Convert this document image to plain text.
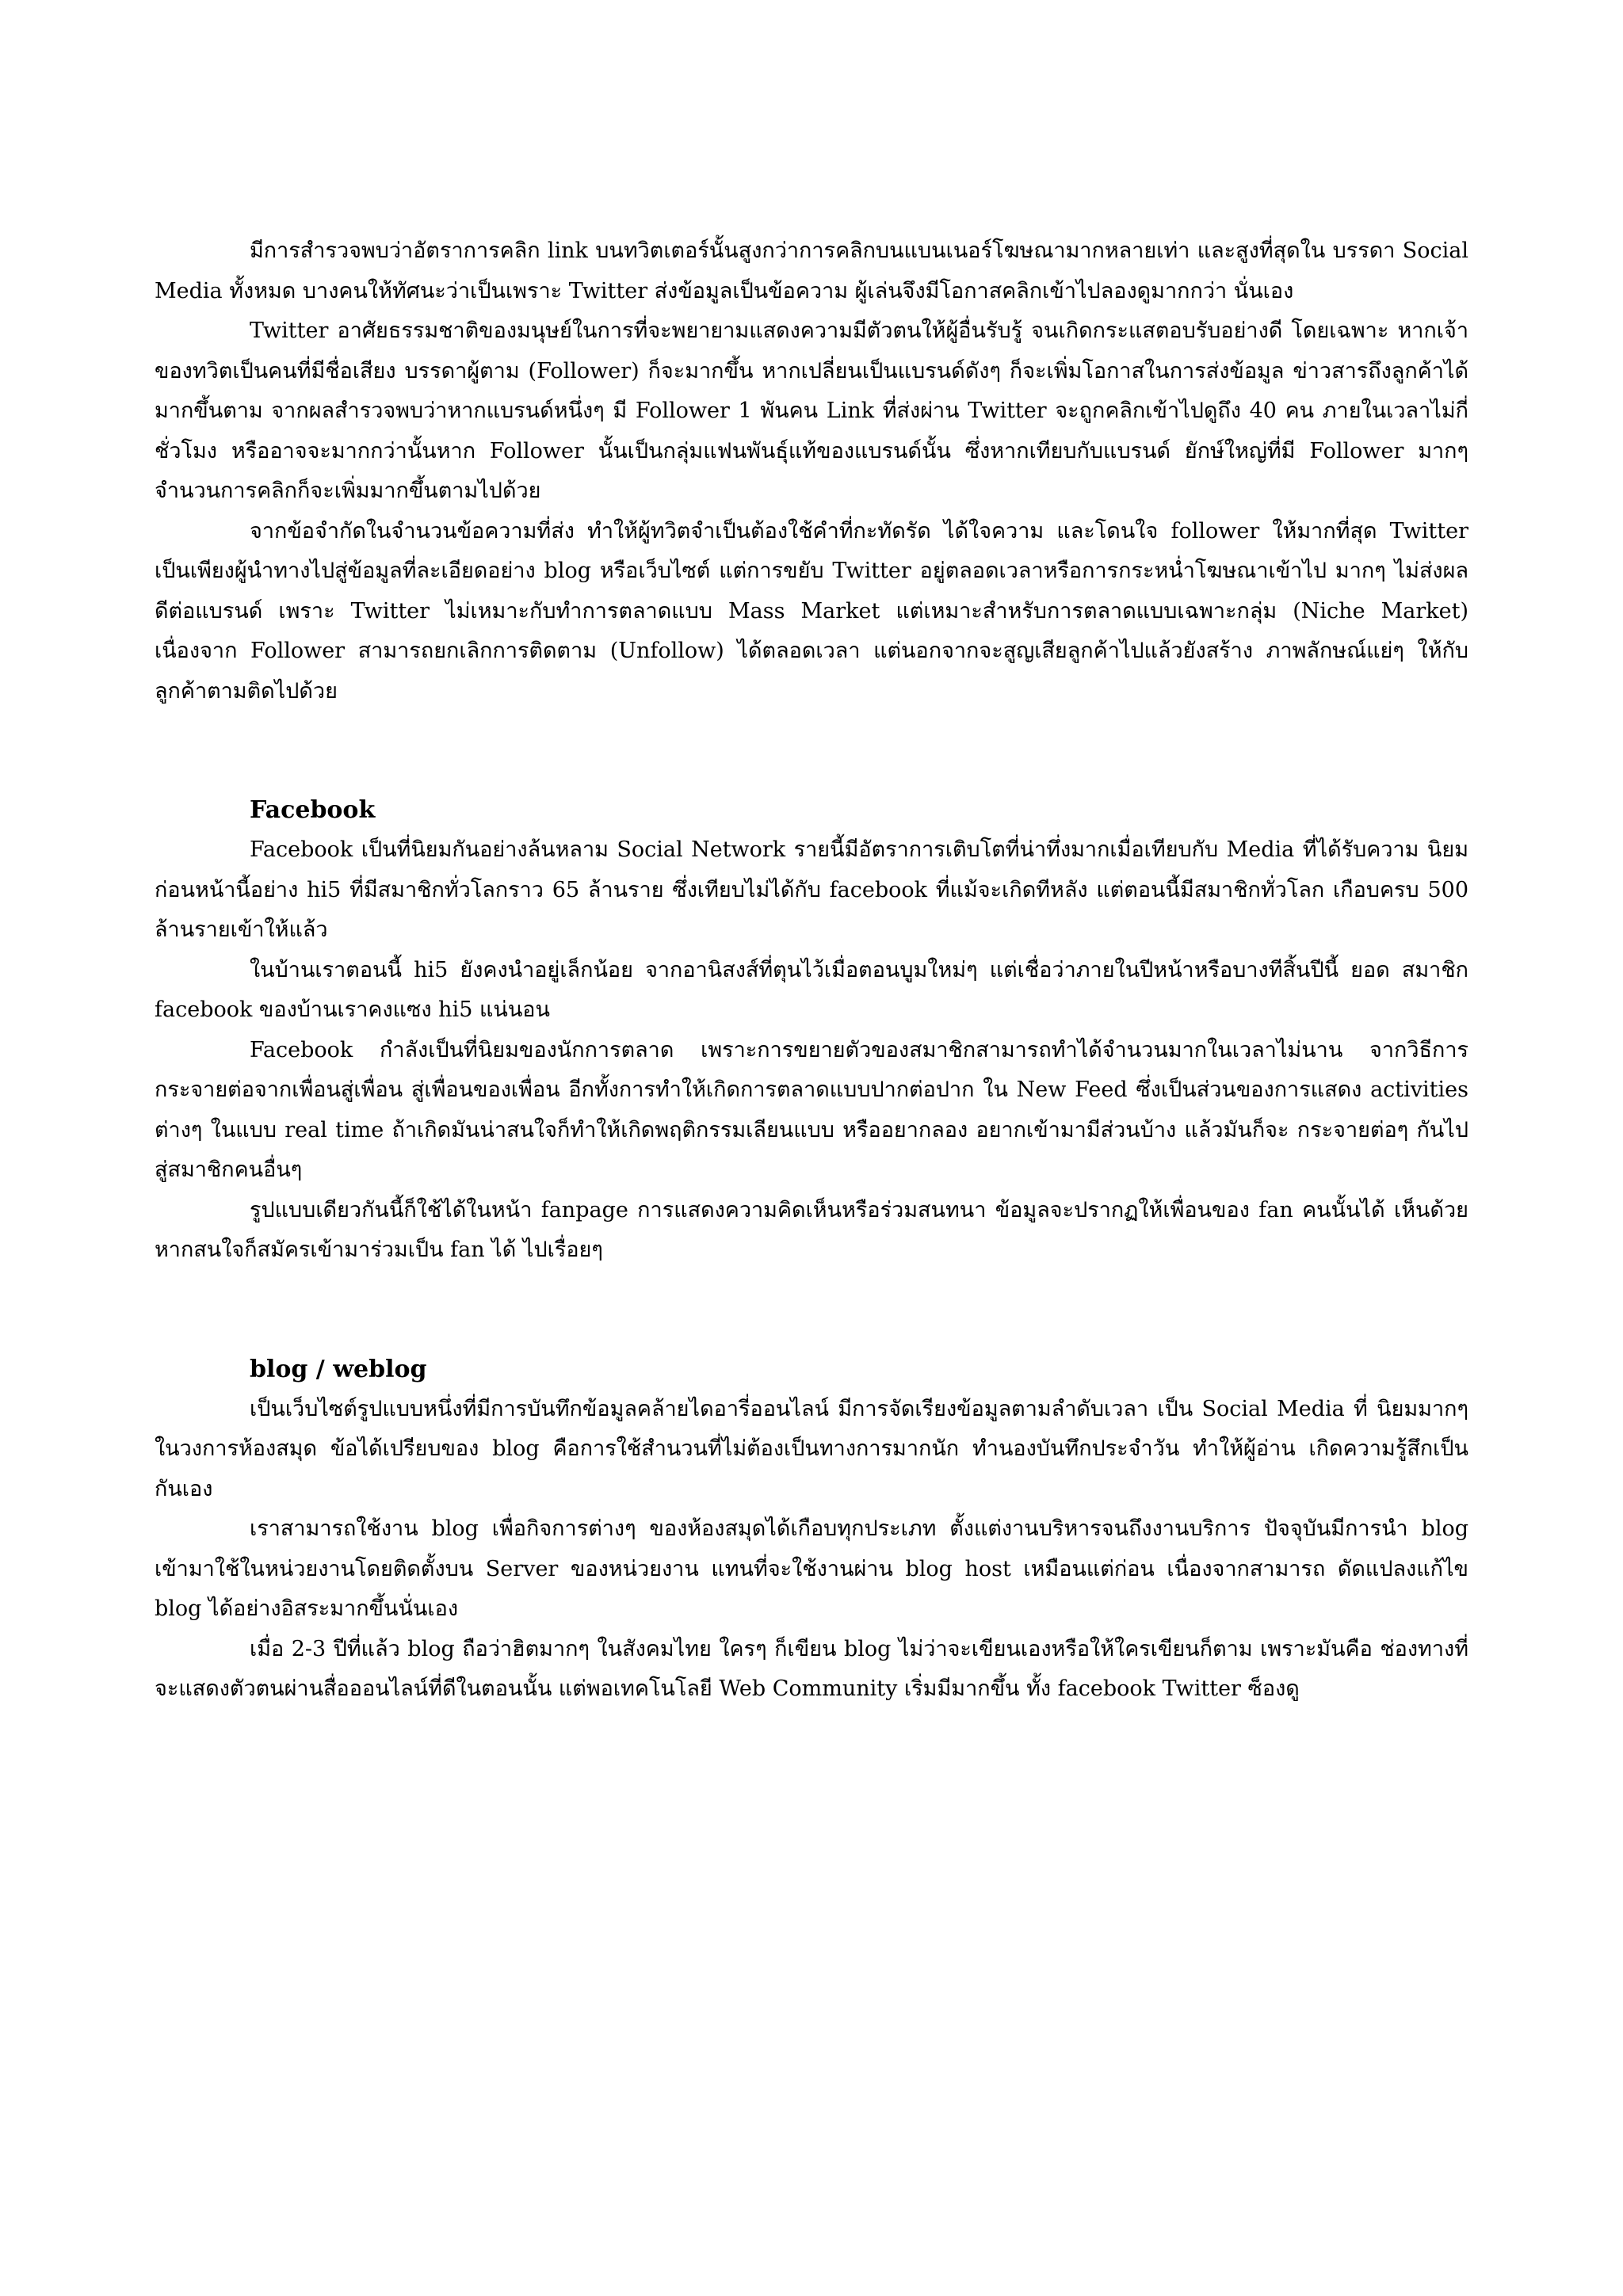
มีการสำรวจพบว่าอัตราการคลิก link บนทวิตเตอร์นั้นสูงกว่าการคลิกบนแบนเนอร์โฆษณามากหลายเท่า และสูงที่สุดใน บรรดา Social Media ทั้งหมด บางคนให้ทัศนะว่าเป็นเพราะ Twitter ส่งข้อมูลเป็นข้อความ ผู้เล่นจึงมีโอกาสคลิกเข้าไปลองดูมากกว่า นั่นเอง

Twitter อาศัยธรรมชาติของมนุษย์ในการที่จะพยายามแสดงความมีตัวตนให้ผู้อื่นรับรู้ จนเกิดกระแสตอบรับอย่างดี โดยเฉพาะ หากเจ้าของทวิตเป็นคนที่มีชื่อเสียง บรรดาผู้ตาม (Follower) ก็จะมากขึ้น หากเปลี่ยนเป็นแบรนด์ดังๆ ก็จะเพิ่มโอกาสในการส่งข้อมูล ข่าวสารถึงลูกค้าได้มากขึ้นตาม จากผลสำรวจพบว่าหากแบรนด์หนึ่งๆ มี Follower 1 พันคน Link ที่ส่งผ่าน Twitter จะถูกคลิกเข้าไปดูถึง 40 คน ภายในเวลาไม่กี่ชั่วโมง หรืออาจจะมากกว่านั้นหาก Follower นั้นเป็นกลุ่มแฟนพันธุ์แท้ของแบรนด์นั้น ซึ่งหากเทียบกับแบรนด์ ยักษ์ใหญ่ที่มี Follower มากๆ จำนวนการคลิกก็จะเพิ่มมากขึ้นตามไปด้วย

จากข้อจำกัดในจำนวนข้อความที่ส่ง ทำให้ผู้ทวิตจำเป็นต้องใช้คำที่กะทัดรัด ได้ใจความ และโดนใจ follower ให้มากที่สุด Twitter เป็นเพียงผู้นำทางไปสู่ข้อมูลที่ละเอียดอย่าง blog หรือเว็บไซต์ แต่การขยับ Twitter อยู่ตลอดเวลาหรือการกระหน่ำโฆษณาเข้าไป มากๆ ไม่ส่งผลดีต่อแบรนด์ เพราะ Twitter ไม่เหมาะกับทำการตลาดแบบ Mass Market แต่เหมาะสำหรับการตลาดแบบเฉพาะกลุ่ม (Niche Market) เนื่องจาก Follower สามารถยกเลิกการติดตาม (Unfollow) ได้ตลอดเวลา แต่นอกจากจะสูญเสียลูกค้าไปแล้วยังสร้าง ภาพลักษณ์แย่ๆ ให้กับลูกค้าตามติดไปด้วย

Facebook

Facebook เป็นที่นิยมกันอย่างล้นหลาม Social Network รายนี้มีอัตราการเติบโตที่น่าทึ่งมากเมื่อเทียบกับ Media ที่ได้รับความ นิยมก่อนหน้านี้อย่าง hi5 ที่มีสมาชิกทั่วโลกราว 65 ล้านราย ซึ่งเทียบไม่ได้กับ facebook ที่แม้จะเกิดทีหลัง แต่ตอนนี้มีสมาชิกทั่วโลก เกือบครบ 500 ล้านรายเข้าให้แล้ว

ในบ้านเราตอนนี้ hi5 ยังคงนำอยู่เล็กน้อย จากอานิสงส์ที่ตุนไว้เมื่อตอนบูมใหม่ๆ แต่เชื่อว่าภายในปีหน้าหรือบางทีสิ้นปีนี้ ยอด สมาชิก facebook ของบ้านเราคงแซง hi5 แน่นอน

Facebook กำลังเป็นที่นิยมของนักการตลาด เพราะการขยายตัวของสมาชิกสามารถทำได้จำนวนมากในเวลาไม่นาน จากวิธีการ กระจายต่อจากเพื่อนสู่เพื่อน สู่เพื่อนของเพื่อน อีกทั้งการทำให้เกิดการตลาดแบบปากต่อปาก ใน New Feed ซึ่งเป็นส่วนของการแสดง activities ต่างๆ ในแบบ real time ถ้าเกิดมันน่าสนใจก็ทำให้เกิดพฤติกรรมเลียนแบบ หรืออยากลอง อยากเข้ามามีส่วนบ้าง แล้วมันก็จะ กระจายต่อๆ กันไปสู่สมาชิกคนอื่นๆ

รูปแบบเดียวกันนี้ก็ใช้ได้ในหน้า fanpage การแสดงความคิดเห็นหรือร่วมสนทนา ข้อมูลจะปรากฏให้เพื่อนของ fan คนนั้นได้ เห็นด้วย หากสนใจก็สมัครเข้ามาร่วมเป็น fan ได้ ไปเรื่อยๆ

blog / weblog

เป็นเว็บไซต์รูปแบบหนึ่งที่มีการบันทึกข้อมูลคล้ายไดอารี่ออนไลน์ มีการจัดเรียงข้อมูลตามลำดับเวลา เป็น Social Media ที่ นิยมมากๆ ในวงการห้องสมุด ข้อได้เปรียบของ blog คือการใช้สำนวนที่ไม่ต้องเป็นทางการมากนัก ทำนองบันทึกประจำวัน ทำให้ผู้อ่าน เกิดความรู้สึกเป็นกันเอง

เราสามารถใช้งาน blog เพื่อกิจการต่างๆ ของห้องสมุดได้เกือบทุกประเภท ตั้งแต่งานบริหารจนถึงงานบริการ ปัจจุบันมีการนำ blog เข้ามาใช้ในหน่วยงานโดยติดตั้งบน Server ของหน่วยงาน แทนที่จะใช้งานผ่าน blog host เหมือนแต่ก่อน เนื่องจากสามารถ ดัดแปลงแก้ไข blog ได้อย่างอิสระมากขึ้นนั่นเอง

เมื่อ 2-3 ปีที่แล้ว blog ถือว่าฮิตมากๆ ในสังคมไทย ใครๆ ก็เขียน blog ไม่ว่าจะเขียนเองหรือให้ใครเขียนก็ตาม เพราะมันคือ ช่องทางที่จะแสดงตัวตนผ่านสื่อออนไลน์ที่ดีในตอนนั้น แต่พอเทคโนโลยี Web Community เริ่มมีมากขึ้น ทั้ง facebook Twitter ซ็องดู
